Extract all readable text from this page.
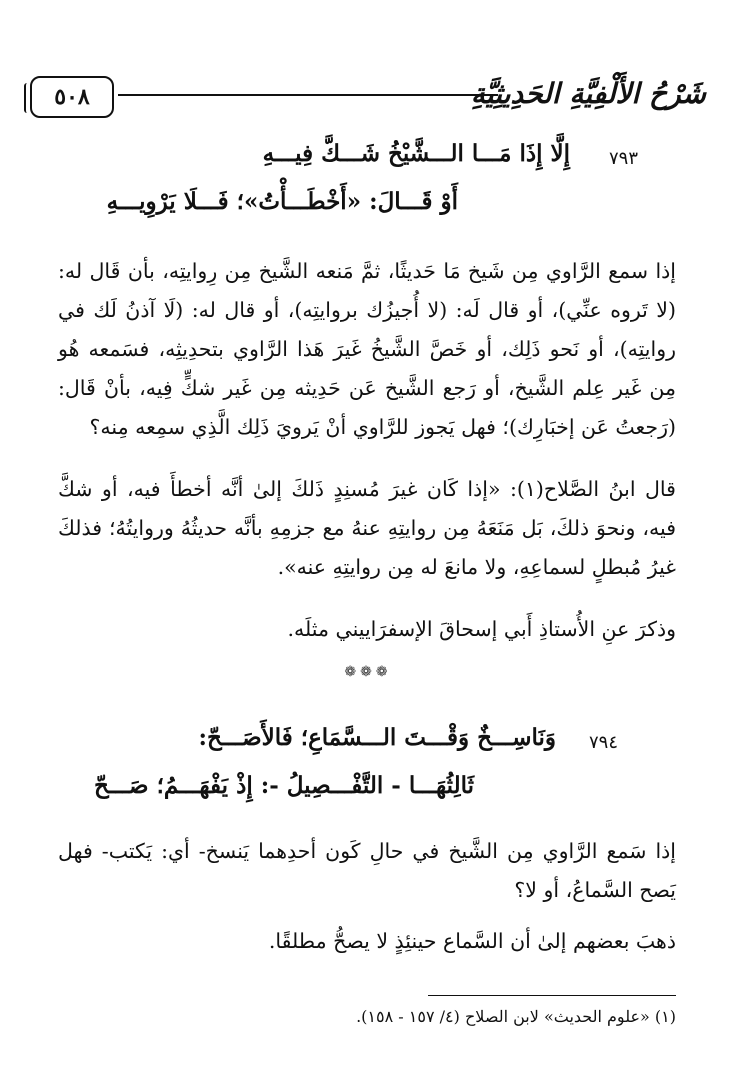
٥٠٨	شَرْحُ الأَلْفِيَّةِ الحَدِيثِيَّةِ
٧٩٣
إِلَّا إِذَا مَـــا الـــشَّيْخُ شَـــكَّ فِيـــهِ
أَوْ قَـــالَ: «أَخْطَـــأْتُ»؛ فَـــلَا يَرْوِيـــهِ
إذا سمع الرَّاوي مِن شَيخ مَا حَديثًا، ثمَّ مَنعه الشَّيخ مِن رِوايتِه، بأن قَال له: (لا تَروه عنِّي)، أو قال لَه: (لا أُجيزُك بروايتِه)، أو قال له: (لَا آذنُ لَك في روايتِه)، أو نَحو ذَلِك، أو خَصَّ الشَّيخُ غَيرَ هَذا الرَّاوي بتحدِيثِه، فسَمعه هُو مِن غَير عِلم الشَّيخ، أو رَجع الشَّيخ عَن حَدِيثه مِن غَير شكٍّ فِيه، بأنْ قَال: (رَجعتُ عَن إخبَارِك)؛ فهل يَجوز للرَّاوي أنْ يَرويَ ذَلِك الَّذِي سمِعه مِنه؟
قال ابنُ الصَّلاح(١): «إذا كَان غيرَ مُسنِدٍ ذَلكَ إلىٰ أنَّه أخطأَ فيه، أو شكَّ فيه، ونحوَ ذلكَ، بَل مَنَعَهُ مِن روايتِهِ عنهُ مع جزمِهِ بأنَّه حديثُهُ وروايتُهُ؛ فذلكَ غيرُ مُبطلٍ لسماعِهِ، ولا مانعَ له مِن روايتِهِ عنه».
وذكرَ عنِ الأُستاذِ أَبي إسحاقَ الإسفرَاييني مثلَه.
❁❁❁
٧٩٤
وَنَاسِـــخٌ وَقْـــتَ الـــسَّمَاعِ؛ فَالأَصَـــحّ:
ثَالِثُهَـــا - التَّفْـــصِيلُ -: إِذْ يَفْهَـــمُ؛ صَـــحّ
إذا سَمع الرَّاوي مِن الشَّيخ في حالِ كَون أحدِهما يَنسخ- أي: يَكتب- فهل يَصح السَّماعُ، أو لا؟
ذهبَ بعضهم إلىٰ أن السَّماع حينئِذٍ لا يصحُّ مطلقًا.
(١) «علوم الحديث» لابن الصلاح (٤/ ١٥٧ - ١٥٨).
